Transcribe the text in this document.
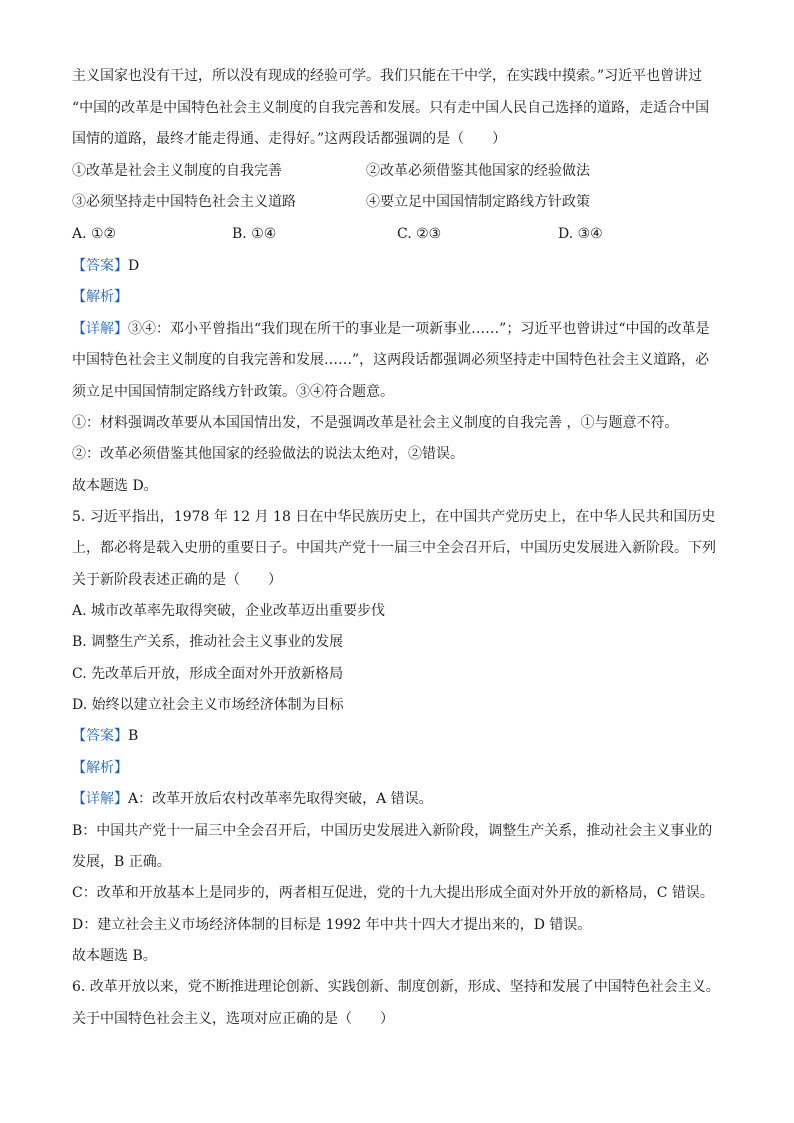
主义国家也没有干过，所以没有现成的经验可学。我们只能在干中学，在实践中摸索。”习近平也曾讲过
“中国的改革是中国特色社会主义制度的自我完善和发展。只有走中国人民自己选择的道路，走适合中国
国情的道路，最终才能走得通、走得好。”这两段话都强调的是（　　）
①改革是社会主义制度的自我完善	②改革必须借鉴其他国家的经验做法
③必须坚持走中国特色社会主义道路	④要立足中国国情制定路线方针政策
A. ①②	B. ①④	C. ②③	D. ③④
【答案】D
【解析】
【详解】③④：邓小平曾指出“我们现在所干的事业是一项新事业……”；习近平也曾讲过“中国的改革是
中国特色社会主义制度的自我完善和发展……”，这两段话都强调必须坚持走中国特色社会主义道路，必
须立足中国国情制定路线方针政策。③④符合题意。
①：材料强调改革要从本国国情出发，不是强调改革是社会主义制度的自我完善 ，①与题意不符。
②：改革必须借鉴其他国家的经验做法的说法太绝对，②错误。
故本题选 D。
5. 习近平指出，1978 年 12 月 18 日在中华民族历史上，在中国共产党历史上，在中华人民共和国历史
上，都必将是载入史册的重要日子。中国共产党十一届三中全会召开后，中国历史发展进入新阶段。下列
关于新阶段表述正确的是（　　）
A. 城市改革率先取得突破，企业改革迈出重要步伐
B. 调整生产关系，推动社会主义事业的发展
C. 先改革后开放，形成全面对外开放新格局
D. 始终以建立社会主义市场经济体制为目标
【答案】B
【解析】
【详解】A：改革开放后农村改革率先取得突破，A 错误。
B：中国共产党十一届三中全会召开后，中国历史发展进入新阶段，调整生产关系，推动社会主义事业的
发展，B 正确。
C：改革和开放基本上是同步的，两者相互促进，党的十九大提出形成全面对外开放的新格局，C 错误。
D：建立社会主义市场经济体制的目标是 1992 年中共十四大才提出来的，D 错误。
故本题选 B。
6. 改革开放以来，党不断推进理论创新、实践创新、制度创新，形成、坚持和发展了中国特色社会主义。
关于中国特色社会主义，选项对应正确的是（　　）
